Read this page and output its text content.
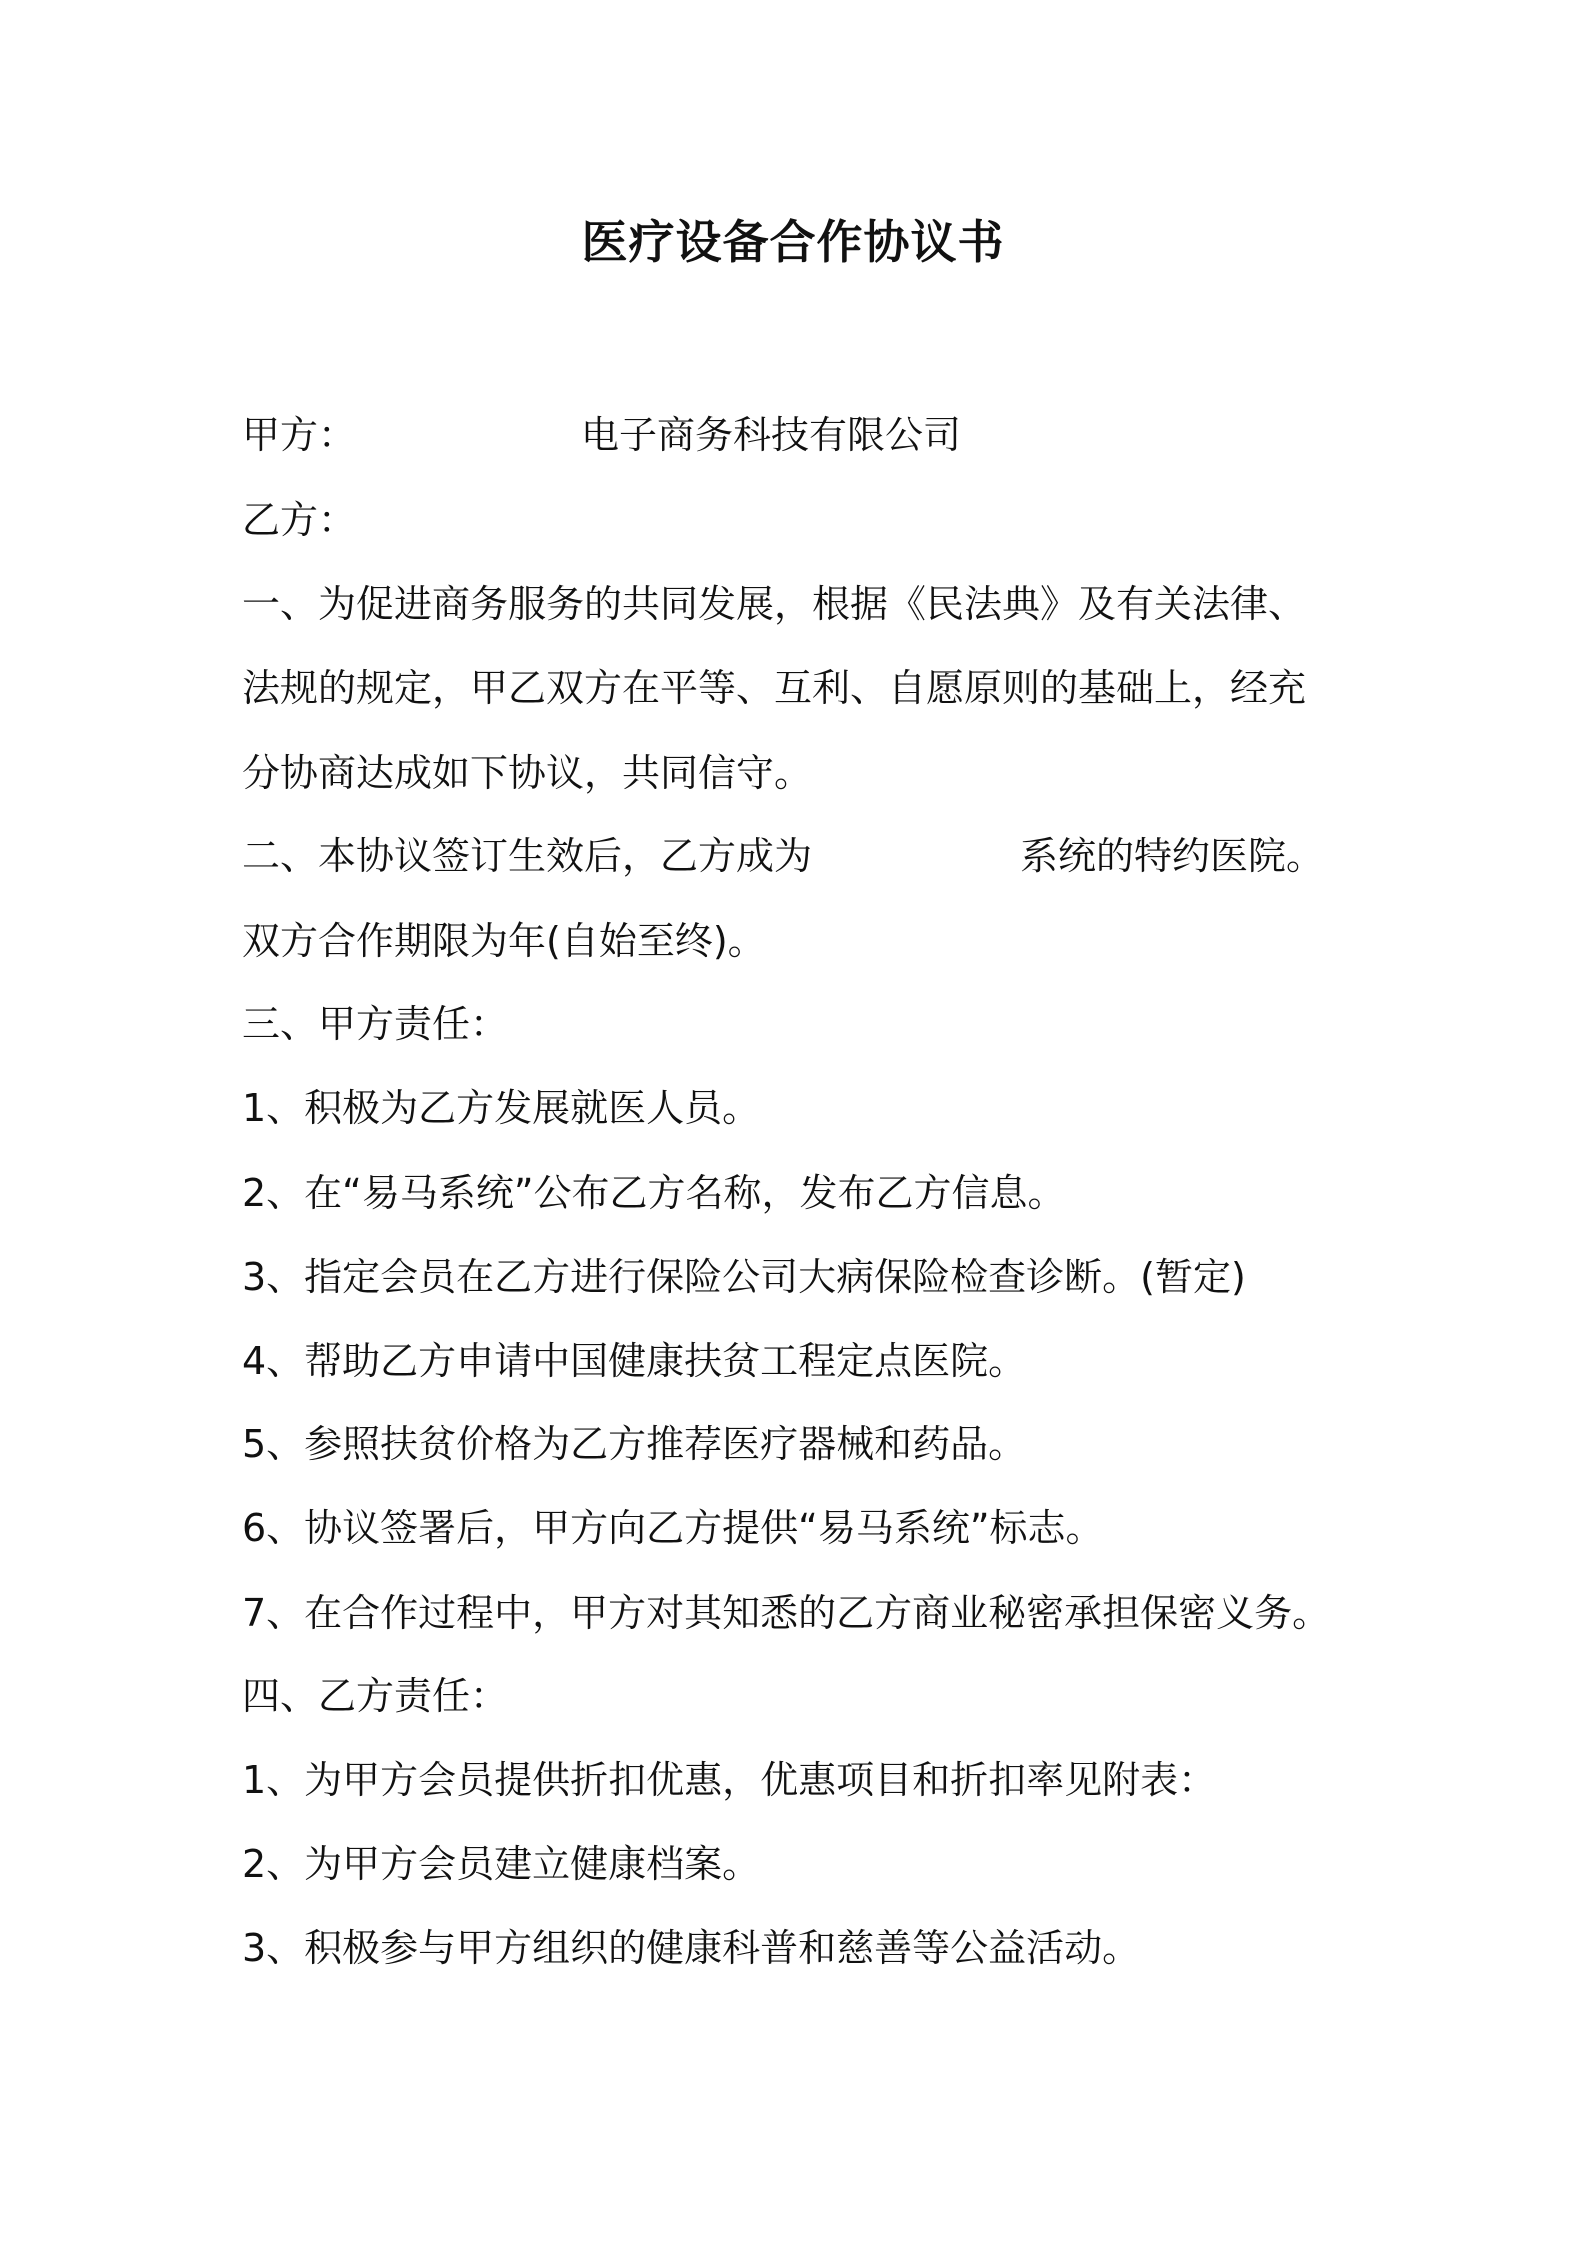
医疗设备合作协议书
甲方：	电子商务科技有限公司
乙方：
一、为促进商务服务的共同发展，根据《民法典》及有关法律、
法规的规定，甲乙双方在平等、互利、自愿原则的基础上，经充
分协商达成如下协议，共同信守。
二、本协议签订生效后，乙方成为	系统的特约医院。
双方合作期限为年(自始至终)。
三、甲方责任：
1、积极为乙方发展就医人员。
2、在“易马系统”公布乙方名称，发布乙方信息。
3、指定会员在乙方进行保险公司大病保险检查诊断。(暂定)
4、帮助乙方申请中国健康扶贫工程定点医院。
5、参照扶贫价格为乙方推荐医疗器械和药品。
6、协议签署后，甲方向乙方提供“易马系统”标志。
7、在合作过程中，甲方对其知悉的乙方商业秘密承担保密义务。
四、乙方责任：
1、为甲方会员提供折扣优惠，优惠项目和折扣率见附表：
2、为甲方会员建立健康档案。
3、积极参与甲方组织的健康科普和慈善等公益活动。
